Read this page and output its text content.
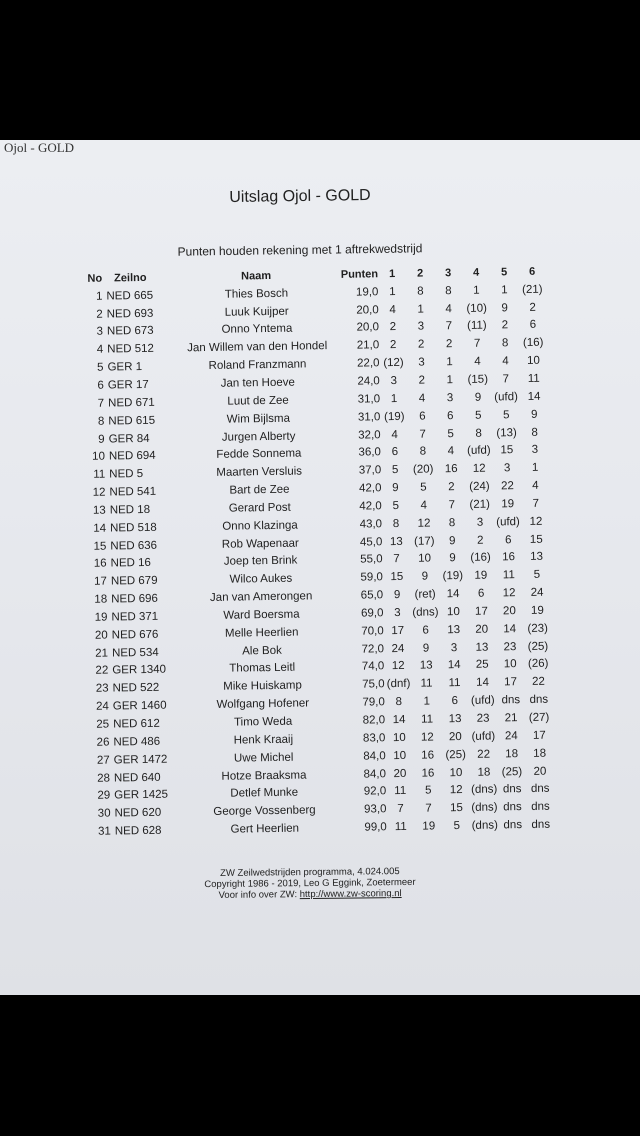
Ojol - GOLD
Uitslag Ojol - GOLD
Punten houden rekening met 1 aftrekwedstrijd
No	Zeilno	Naam	Punten	1	2	3	4	5	6
1	NED 665	Thies Bosch	19,0	1	8	8	1	1	(21)
2	NED 693	Luuk Kuijper	20,0	4	1	4	(10)	9	2
3	NED 673	Onno Yntema	20,0	2	3	7	(11)	2	6
4	NED 512	Jan Willem van den Hondel	21,0	2	2	2	7	8	(16)
5	GER 1	Roland Franzmann	22,0	(12)	3	1	4	4	10
6	GER 17	Jan ten Hoeve	24,0	3	2	1	(15)	7	11
7	NED 671	Luut de Zee	31,0	1	4	3	9	(ufd)	14
8	NED 615	Wim Bijlsma	31,0	(19)	6	6	5	5	9
9	GER 84	Jurgen Alberty	32,0	4	7	5	8	(13)	8
10	NED 694	Fedde Sonnema	36,0	6	8	4	(ufd)	15	3
11	NED 5	Maarten Versluis	37,0	5	(20)	16	12	3	1
12	NED 541	Bart de Zee	42,0	9	5	2	(24)	22	4
13	NED 18	Gerard Post	42,0	5	4	7	(21)	19	7
14	NED 518	Onno Klazinga	43,0	8	12	8	3	(ufd)	12
15	NED 636	Rob Wapenaar	45,0	13	(17)	9	2	6	15
16	NED 16	Joep ten Brink	55,0	7	10	9	(16)	16	13
17	NED 679	Wilco Aukes	59,0	15	9	(19)	19	11	5
18	NED 696	Jan van Amerongen	65,0	9	(ret)	14	6	12	24
19	NED 371	Ward Boersma	69,0	3	(dns)	10	17	20	19
20	NED 676	Melle Heerlien	70,0	17	6	13	20	14	(23)
21	NED 534	Ale Bok	72,0	24	9	3	13	23	(25)
22	GER 1340	Thomas Leitl	74,0	12	13	14	25	10	(26)
23	NED 522	Mike Huiskamp	75,0	(dnf)	11	11	14	17	22
24	GER 1460	Wolfgang Hofener	79,0	8	1	6	(ufd)	dns	dns
25	NED 612	Timo Weda	82,0	14	11	13	23	21	(27)
26	NED 486	Henk Kraaij	83,0	10	12	20	(ufd)	24	17
27	GER 1472	Uwe Michel	84,0	10	16	(25)	22	18	18
28	NED 640	Hotze Braaksma	84,0	20	16	10	18	(25)	20
29	GER 1425	Detlef Munke	92,0	11	5	12	(dns)	dns	dns
30	NED 620	George Vossenberg	93,0	7	7	15	(dns)	dns	dns
31	NED 628	Gert Heerlien	99,0	11	19	5	(dns)	dns	dns
ZW Zeilwedstrijden programma, 4.024.005
Copyright 1986 - 2019, Leo G Eggink, Zoetermeer
Voor info over ZW: http://www.zw-scoring.nl
